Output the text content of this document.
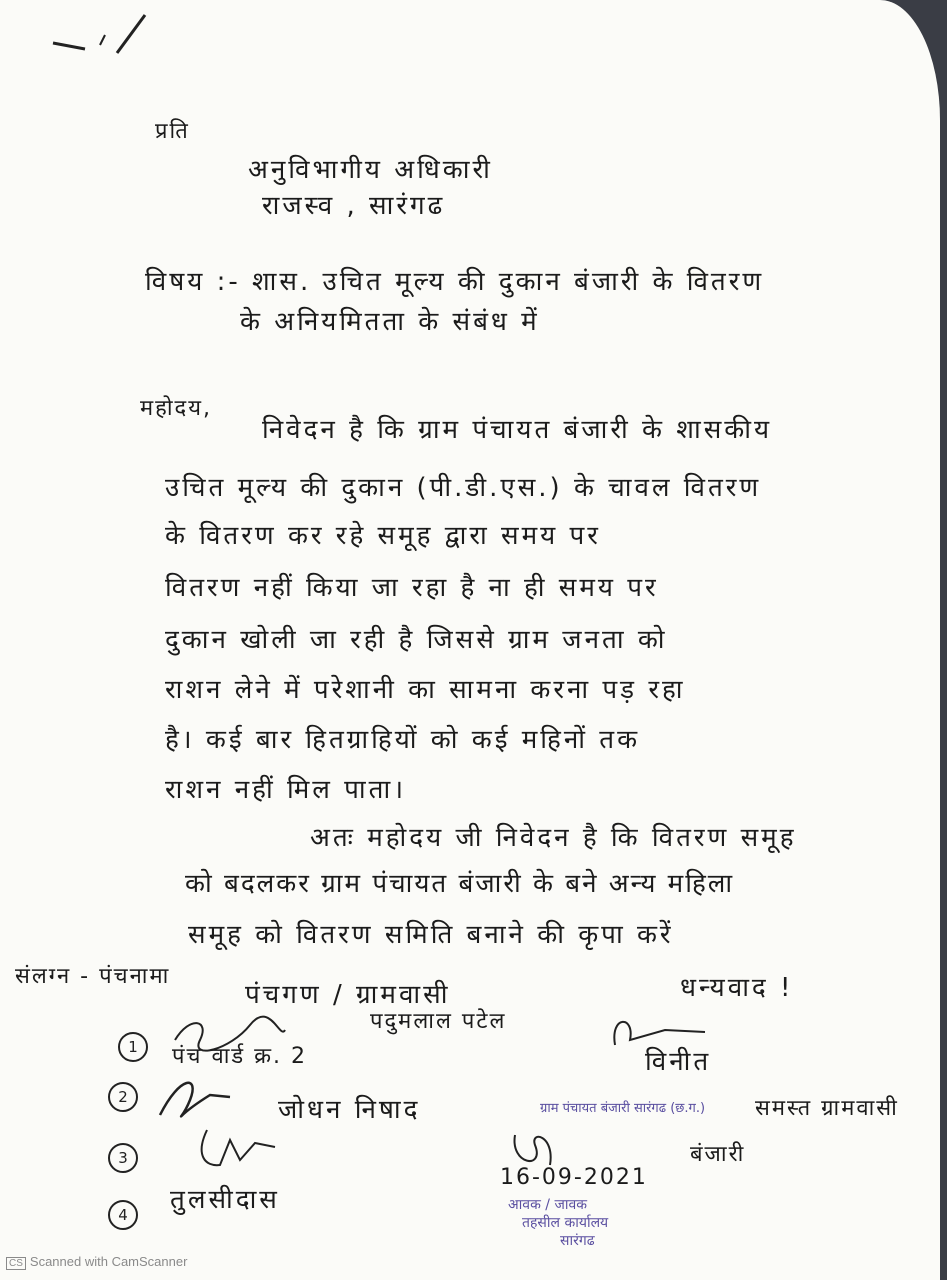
प्रति
अनुविभागीय अधिकारी
राजस्व , सारंगढ
विषय :- शास. उचित मूल्य की दुकान बंजारी के वितरण
के अनियमितता के संबंध में
महोदय,
निवेदन है कि ग्राम पंचायत बंजारी के शासकीय
उचित मूल्य की दुकान (पी.डी.एस.) के चावल वितरण
के वितरण कर रहे समूह द्वारा समय पर
वितरण नहीं किया जा रहा है ना ही समय पर
दुकान खोली जा रही है जिससे ग्राम जनता को
राशन लेने में परेशानी का सामना करना पड़ रहा
है। कई बार हितग्राहियों को कई महिनों तक
राशन नहीं मिल पाता।
अतः महोदय जी निवेदन है कि वितरण समूह
को बदलकर ग्राम पंचायत बंजारी के बने अन्य महिला
समूह को वितरण समिति बनाने की कृपा करें
संलग्न - पंचनामा
पंचगण / ग्रामवासी	धन्यवाद !
पदुमलाल पटेल
1	पंच वार्ड क्र. 2
2	जोधन निषाद
3
4	तुलसीदास
विनीत
ग्राम पंचायत बंजारी सारंगढ (छ.ग.) समस्त ग्रामवासी
बंजारी
16-09-2021
आवक / जावक
तहसील कार्यालय
सारंगढ
CS Scanned with CamScanner
